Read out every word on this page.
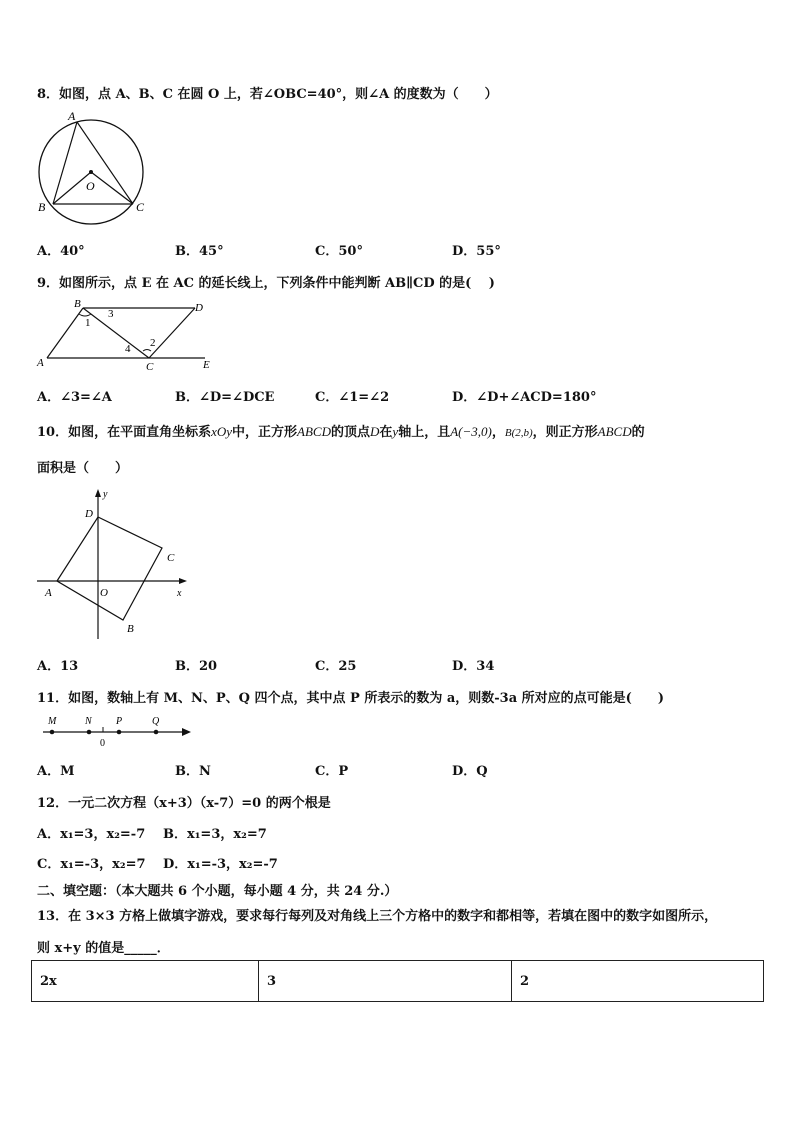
8．如图，点 A、B、C 在圆 O 上，若∠OBC=40°，则∠A 的度数为（　　）
A
B	C
O
A．40°	B．45°	C．50°	D．55°
9．如图所示，点 E 在 AC 的延长线上，下列条件中能判断 AB∥CD 的是(　 )
B	D
A	C	E
1
3
2
4
A．∠3=∠A	B．∠D=∠DCE	C．∠1=∠2	D．∠D+∠ACD=180°
10．如图，在平面直角坐标系xOy中，正方形ABCD的顶点D在y轴上，且A(−3,0)，B(2,b)，则正方形ABCD的
面积是（　　）
y
x
D
C
A	O
B
A．13	B．20	C．25	D．34
11．如图，数轴上有 M、N、P、Q 四个点，其中点 P 所表示的数为 a，则数-3a 所对应的点可能是(　　)
M	N P	Q
0
A．M	B．N	C．P	D．Q
12．一元二次方程（x+3）（x-7）=0 的两个根是
A．x₁=3，x₂=-7 B．x₁=3，x₂=7
C．x₁=-3，x₂=7 D．x₁=-3，x₂=-7
二、填空题：（本大题共 6 个小题，每小题 4 分，共 24 分.）
13．在 3×3 方格上做填字游戏，要求每行每列及对角线上三个方格中的数字和都相等，若填在图中的数字如图所示，
则 x+y 的值是_____．
2x	3	2
